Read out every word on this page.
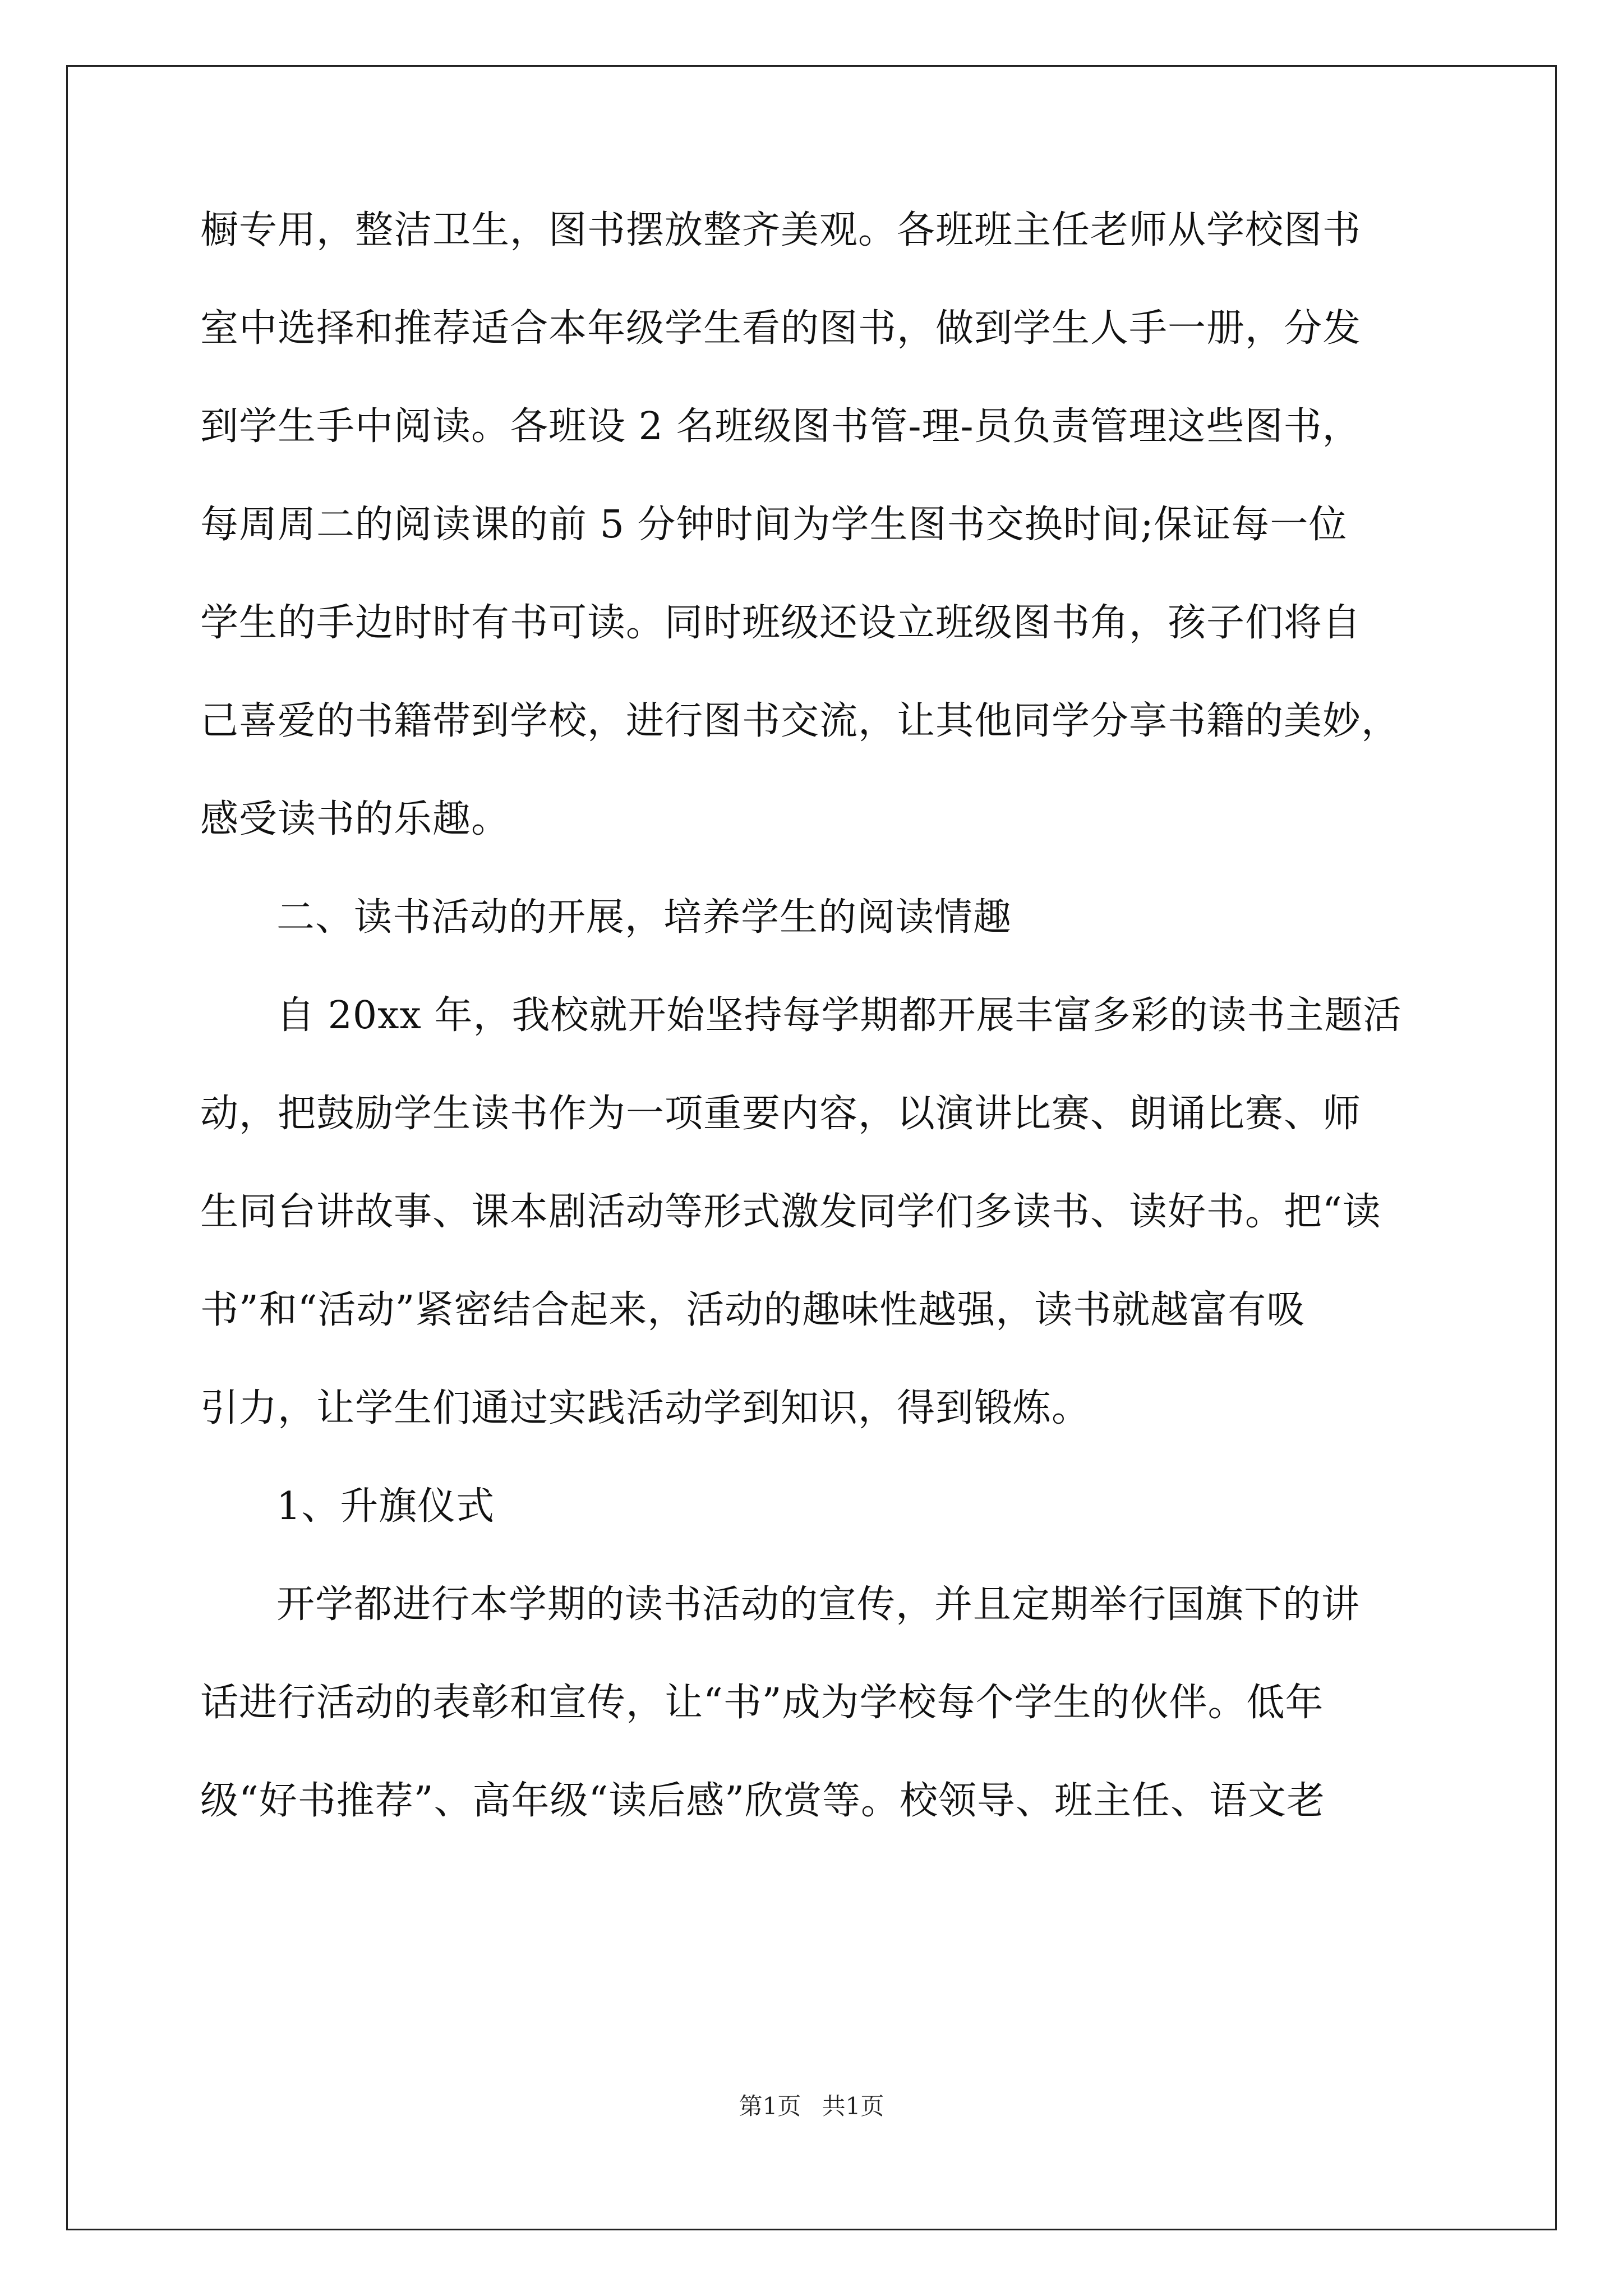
橱专用，整洁卫生，图书摆放整齐美观。各班班主任老师从学校图书
室中选择和推荐适合本年级学生看的图书，做到学生人手一册，分发
到学生手中阅读。各班设 2 名班级图书管-理-员负责管理这些图书，
每周周二的阅读课的前 5 分钟时间为学生图书交换时间;保证每一位
学生的手边时时有书可读。同时班级还设立班级图书角，孩子们将自
己喜爱的书籍带到学校，进行图书交流，让其他同学分享书籍的美妙，
感受读书的乐趣。
二、读书活动的开展，培养学生的阅读情趣
自 20xx 年，我校就开始坚持每学期都开展丰富多彩的读书主题活
动，把鼓励学生读书作为一项重要内容，以演讲比赛、朗诵比赛、师
生同台讲故事、课本剧活动等形式激发同学们多读书、读好书。把“读
书”和“活动”紧密结合起来，活动的趣味性越强，读书就越富有吸
引力，让学生们通过实践活动学到知识，得到锻炼。
1、升旗仪式
开学都进行本学期的读书活动的宣传，并且定期举行国旗下的讲
话进行活动的表彰和宣传，让“书”成为学校每个学生的伙伴。低年
级“好书推荐”、高年级“读后感”欣赏等。校领导、班主任、语文老
第1页 共1页
